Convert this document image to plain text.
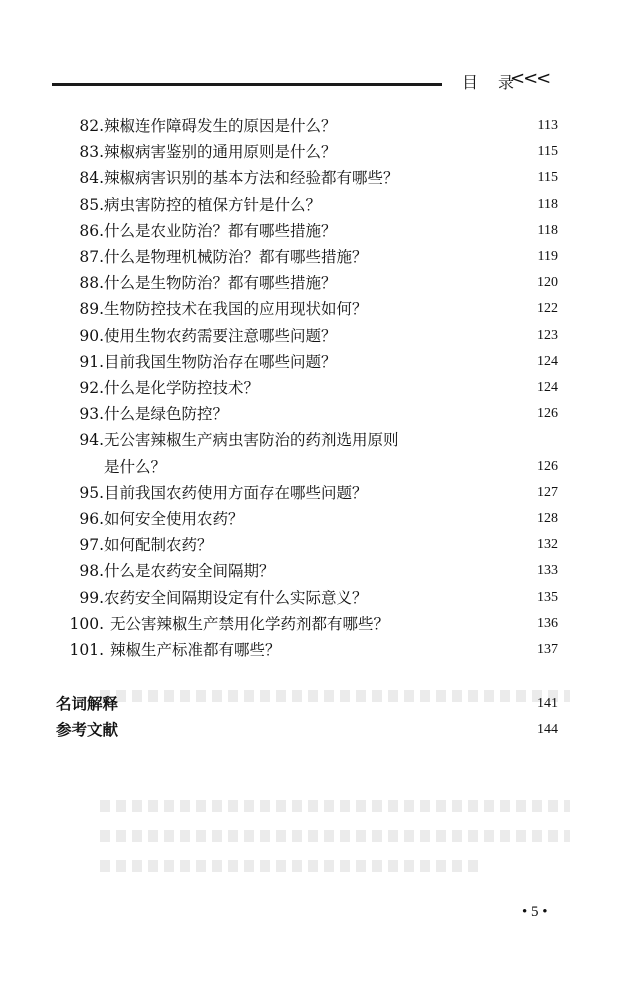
目　录
<<<
82. 辣椒连作障碍发生的原因是什么？	113
83. 辣椒病害鉴别的通用原则是什么？	115
84. 辣椒病害识别的基本方法和经验都有哪些？	115
85. 病虫害防控的植保方针是什么？	118
86. 什么是农业防治？都有哪些措施？	118
87. 什么是物理机械防治？都有哪些措施？	119
88. 什么是生物防治？都有哪些措施？	120
89. 生物防控技术在我国的应用现状如何？	122
90. 使用生物农药需要注意哪些问题？	123
91. 目前我国生物防治存在哪些问题？	124
92. 什么是化学防控技术？	124
93. 什么是绿色防控？	126
94. 无公害辣椒生产病虫害防治的药剂选用原则
是什么？	126
95. 目前我国农药使用方面存在哪些问题？	127
96. 如何安全使用农药？	128
97. 如何配制农药？	132
98. 什么是农药安全间隔期？	133
99. 农药安全间隔期设定有什么实际意义？	135
100. 无公害辣椒生产禁用化学药剂都有哪些？	136
101. 辣椒生产标准都有哪些？	137
名词解释	141
参考文献	144
• 5 •
